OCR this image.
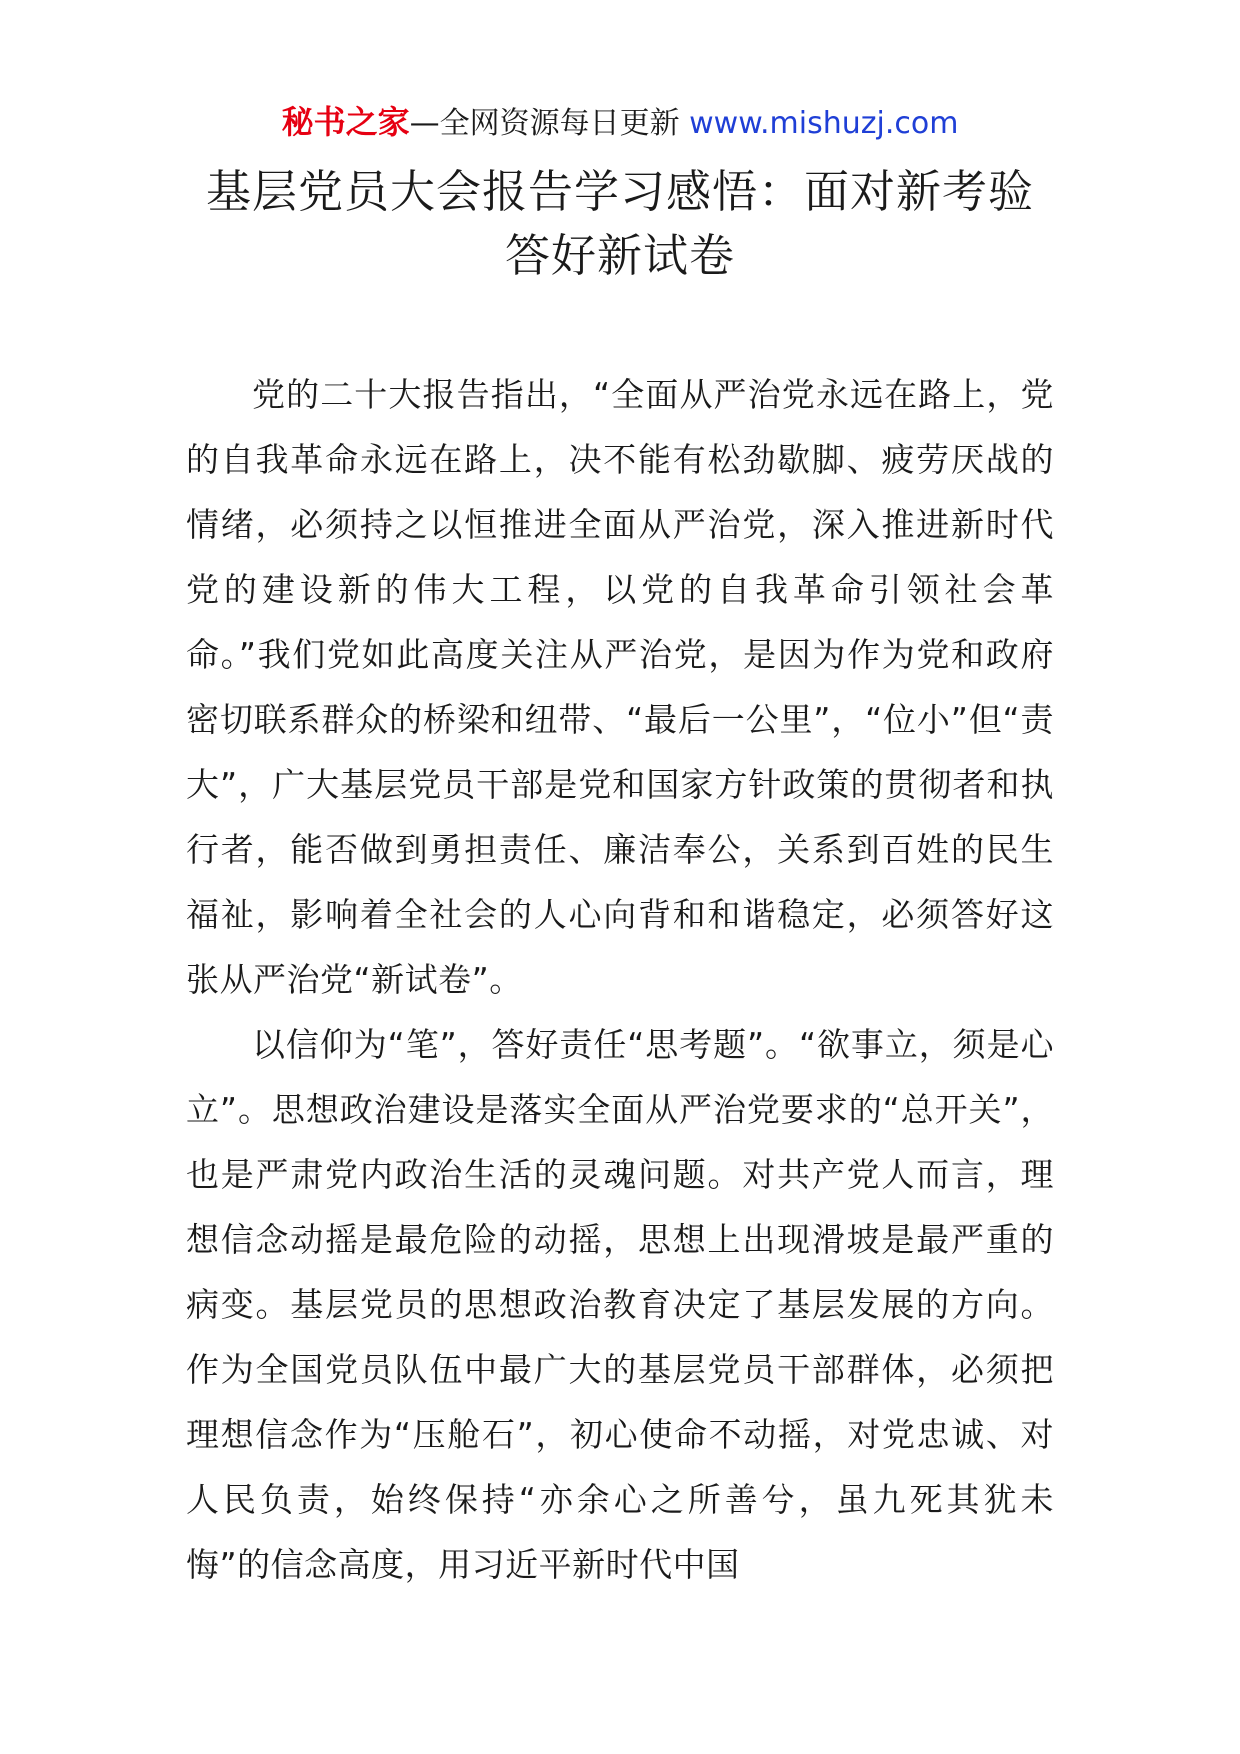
秘书之家—全网资源每日更新 www.mishuzj.com
基层党员大会报告学习感悟：面对新考验
答好新试卷

党的二十大报告指出，“全面从严治党永远在路上，党的自我革命永远在路上，决不能有松劲歇脚、疲劳厌战的情绪，必须持之以恒推进全面从严治党，深入推进新时代党的建设新的伟大工程，以党的自我革命引领社会革命。”我们党如此高度关注从严治党，是因为作为党和政府密切联系群众的桥梁和纽带、“最后一公里”，“位小”但“责大”，广大基层党员干部是党和国家方针政策的贯彻者和执行者，能否做到勇担责任、廉洁奉公，关系到百姓的民生福祉，影响着全社会的人心向背和和谐稳定，必须答好这张从严治党“新试卷”。

以信仰为“笔”，答好责任“思考题”。“欲事立，须是心立”。思想政治建设是落实全面从严治党要求的“总开关”，也是严肃党内政治生活的灵魂问题。对共产党人而言，理想信念动摇是最危险的动摇，思想上出现滑坡是最严重的病变。基层党员的思想政治教育决定了基层发展的方向。作为全国党员队伍中最广大的基层党员干部群体，必须把理想信念作为“压舱石”，初心使命不动摇，对党忠诚、对人民负责，始终保持“亦余心之所善兮，虽九死其犹未悔”的信念高度，用习近平新时代中国
